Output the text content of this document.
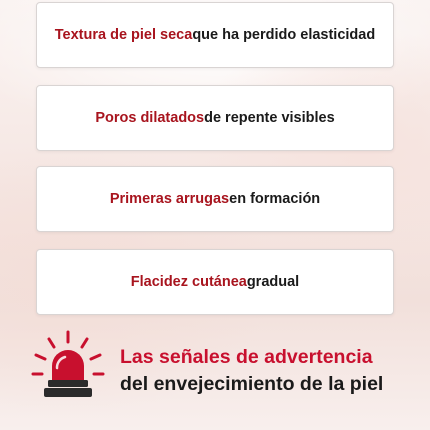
Textura de piel seca que ha perdido elasticidad
Poros dilatados de repente visibles
Primeras arrugas en formación
Flacidez cutánea gradual
Las señales de advertencia
del envejecimiento de la piel
